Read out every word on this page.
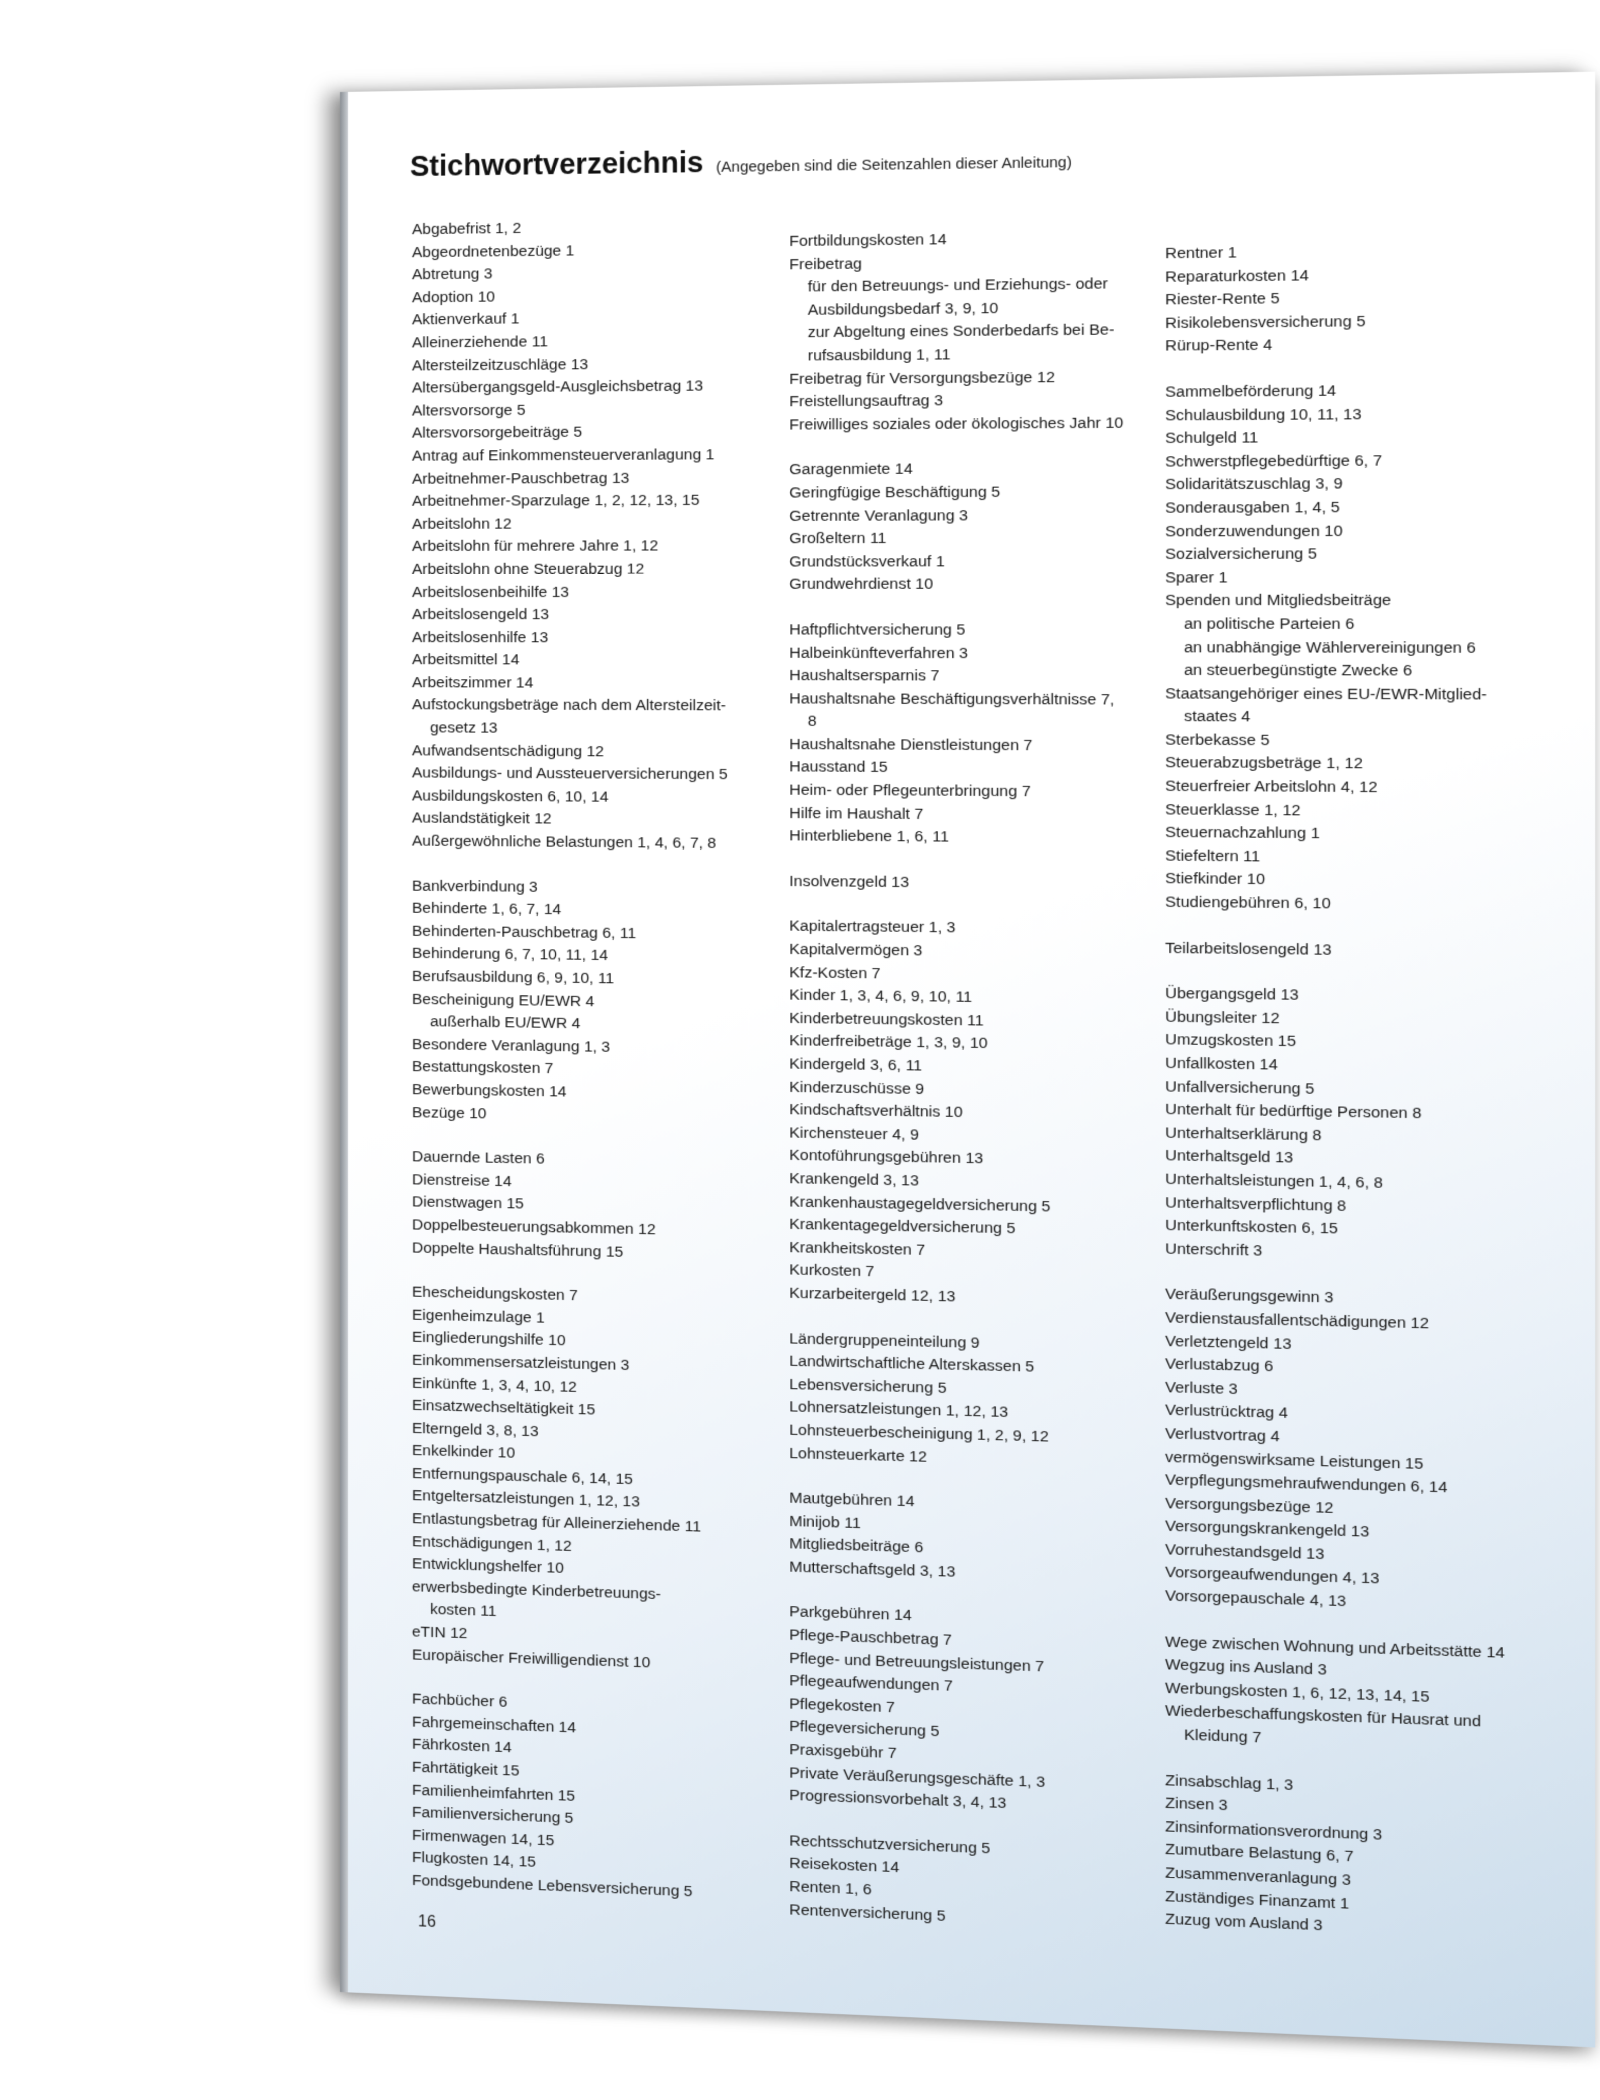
Stichwortverzeichnis (Angegeben sind die Seitenzahlen dieser Anleitung)
Abgabefrist 1, 2
Abgeordnetenbezüge 1
Abtretung 3
Adoption 10
Aktienverkauf 1
Alleinerziehende 11
Altersteilzeitzuschläge 13
Altersübergangsgeld-Ausgleichsbetrag 13
Altersvorsorge 5
Altersvorsorgebeiträge 5
Antrag auf Einkommensteuerveranlagung 1
Arbeitnehmer-Pauschbetrag 13
Arbeitnehmer-Sparzulage 1, 2, 12, 13, 15
Arbeitslohn 12
Arbeitslohn für mehrere Jahre 1, 12
Arbeitslohn ohne Steuerabzug 12
Arbeitslosenbeihilfe 13
Arbeitslosengeld 13
Arbeitslosenhilfe 13
Arbeitsmittel 14
Arbeitszimmer 14
Aufstockungsbeträge nach dem Altersteilzeit-
gesetz 13
Aufwandsentschädigung 12
Ausbildungs- und Aussteuerversicherungen 5
Ausbildungskosten 6, 10, 14
Auslandstätigkeit 12
Außergewöhnliche Belastungen 1, 4, 6, 7, 8
Bankverbindung 3
Behinderte 1, 6, 7, 14
Behinderten-Pauschbetrag 6, 11
Behinderung 6, 7, 10, 11, 14
Berufsausbildung 6, 9, 10, 11
Bescheinigung EU/EWR 4
außerhalb EU/EWR 4
Besondere Veranlagung 1, 3
Bestattungskosten 7
Bewerbungskosten 14
Bezüge 10
Dauernde Lasten 6
Dienstreise 14
Dienstwagen 15
Doppelbesteuerungsabkommen 12
Doppelte Haushaltsführung 15
Ehescheidungskosten 7
Eigenheimzulage 1
Eingliederungshilfe 10
Einkommensersatzleistungen 3
Einkünfte 1, 3, 4, 10, 12
Einsatzwechseltätigkeit 15
Elterngeld 3, 8, 13
Enkelkinder 10
Entfernungspauschale 6, 14, 15
Entgeltersatzleistungen 1, 12, 13
Entlastungsbetrag für Alleinerziehende 11
Entschädigungen 1, 12
Entwicklungshelfer 10
erwerbsbedingte Kinderbetreuungs-
kosten 11
eTIN 12
Europäischer Freiwilligendienst 10
Fachbücher 6
Fahrgemeinschaften 14
Fährkosten 14
Fahrtätigkeit 15
Familienheimfahrten 15
Familienversicherung 5
Firmenwagen 14, 15
Flugkosten 14, 15
Fondsgebundene Lebensversicherung 5
Fortbildungskosten 14
Freibetrag
für den Betreuungs- und Erziehungs- oder
Ausbildungsbedarf 3, 9, 10
zur Abgeltung eines Sonderbedarfs bei Be-
rufsausbildung 1, 11
Freibetrag für Versorgungsbezüge 12
Freistellungsauftrag 3
Freiwilliges soziales oder ökologisches Jahr 10
Garagenmiete 14
Geringfügige Beschäftigung 5
Getrennte Veranlagung 3
Großeltern 11
Grundstücksverkauf 1
Grundwehrdienst 10
Haftpflichtversicherung 5
Halbeinkünfteverfahren 3
Haushaltsersparnis 7
Haushaltsnahe Beschäftigungsverhältnisse 7,
8
Haushaltsnahe Dienstleistungen 7
Hausstand 15
Heim- oder Pflegeunterbringung 7
Hilfe im Haushalt 7
Hinterbliebene 1, 6, 11
Insolvenzgeld 13
Kapitalertragsteuer 1, 3
Kapitalvermögen 3
Kfz-Kosten 7
Kinder 1, 3, 4, 6, 9, 10, 11
Kinderbetreuungskosten 11
Kinderfreibeträge 1, 3, 9, 10
Kindergeld 3, 6, 11
Kinderzuschüsse 9
Kindschaftsverhältnis 10
Kirchensteuer 4, 9
Kontoführungsgebühren 13
Krankengeld 3, 13
Krankenhaustagegeldversicherung 5
Krankentagegeldversicherung 5
Krankheitskosten 7
Kurkosten 7
Kurzarbeitergeld 12, 13
Ländergruppeneinteilung 9
Landwirtschaftliche Alterskassen 5
Lebensversicherung 5
Lohnersatzleistungen 1, 12, 13
Lohnsteuerbescheinigung 1, 2, 9, 12
Lohnsteuerkarte 12
Mautgebühren 14
Minijob 11
Mitgliedsbeiträge 6
Mutterschaftsgeld 3, 13
Parkgebühren 14
Pflege-Pauschbetrag 7
Pflege- und Betreuungsleistungen 7
Pflegeaufwendungen 7
Pflegekosten 7
Pflegeversicherung 5
Praxisgebühr 7
Private Veräußerungsgeschäfte 1, 3
Progressionsvorbehalt 3, 4, 13
Rechtsschutzversicherung 5
Reisekosten 14
Renten 1, 6
Rentenversicherung 5
Rentner 1
Reparaturkosten 14
Riester-Rente 5
Risikolebensversicherung 5
Rürup-Rente 4
Sammelbeförderung 14
Schulausbildung 10, 11, 13
Schulgeld 11
Schwerstpflegebedürftige 6, 7
Solidaritätszuschlag 3, 9
Sonderausgaben 1, 4, 5
Sonderzuwendungen 10
Sozialversicherung 5
Sparer 1
Spenden und Mitgliedsbeiträge
an politische Parteien 6
an unabhängige Wählervereinigungen 6
an steuerbegünstigte Zwecke 6
Staatsangehöriger eines EU-/EWR-Mitglied-
staates 4
Sterbekasse 5
Steuerabzugsbeträge 1, 12
Steuerfreier Arbeitslohn 4, 12
Steuerklasse 1, 12
Steuernachzahlung 1
Stiefeltern 11
Stiefkinder 10
Studiengebühren 6, 10
Teilarbeitslosengeld 13
Übergangsgeld 13
Übungsleiter 12
Umzugskosten 15
Unfallkosten 14
Unfallversicherung 5
Unterhalt für bedürftige Personen 8
Unterhaltserklärung 8
Unterhaltsgeld 13
Unterhaltsleistungen 1, 4, 6, 8
Unterhaltsverpflichtung 8
Unterkunftskosten 6, 15
Unterschrift 3
Veräußerungsgewinn 3
Verdienstausfallentschädigungen 12
Verletztengeld 13
Verlustabzug 6
Verluste 3
Verlustrücktrag 4
Verlustvortrag 4
vermögenswirksame Leistungen 15
Verpflegungsmehraufwendungen 6, 14
Versorgungsbezüge 12
Versorgungskrankengeld 13
Vorruhestandsgeld 13
Vorsorgeaufwendungen 4, 13
Vorsorgepauschale 4, 13
Wege zwischen Wohnung und Arbeitsstätte 14
Wegzug ins Ausland 3
Werbungskosten 1, 6, 12, 13, 14, 15
Wiederbeschaffungskosten für Hausrat und
Kleidung 7
Zinsabschlag 1, 3
Zinsen 3
Zinsinformationsverordnung 3
Zumutbare Belastung 6, 7
Zusammenveranlagung 3
Zuständiges Finanzamt 1
Zuzug vom Ausland 3
16
